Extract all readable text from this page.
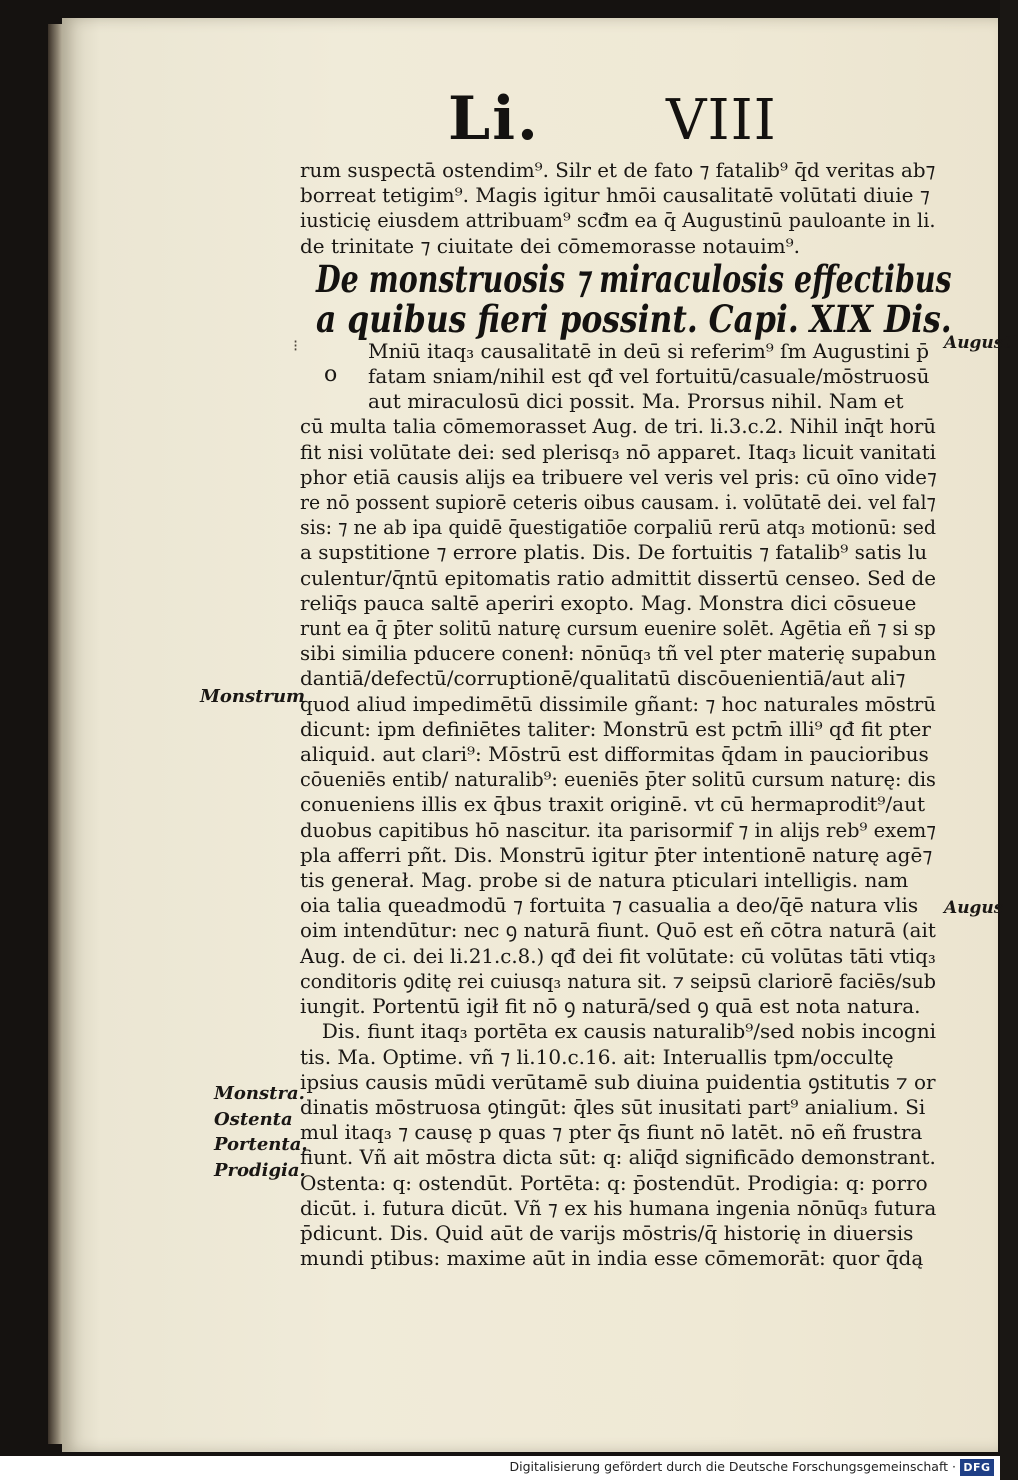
Li. VIII
⁝
rum suspectā ostendim⁹. Silr et de fato ⁊ fatalib⁹ q̄d veritas ab⁊
borreat tetigim⁹. Magis igitur hmōi causalitatē volūtati diuie ⁊
iusticię eiusdem attribuam⁹ scđm ea q̄ Augustinū pauloante in li.
de trinitate ⁊ ciuitate dei cōmemorasse notauim⁹.
De monstruosis ⁊ miraculosis effectibus
a quibus fieri possint. Capi. XIX Dis.
Mniū itaq₃ causalitatē in deū si referim⁹ ſm Augustini p̄
fatam sniam/nihil est qđ vel fortuitū/casuale/mōstruosū
aut miraculosū dici possit. Ma. Prorsus nihil. Nam et
cū multa talia cōmemorasset Aug. de tri. li.3.c.2. Nihil inq̄t horū
fit nisi volūtate dei: sed plerisq₃ nō apparet. Itaq₃ licuit vanitati
phor etiā causis alijs ea tribuere vel veris vel pris: cū oīno vide⁊
re nō possent supiorē ceteris oibus causam. i. volūtatē dei. vel fal⁊
sis: ⁊ ne ab ipa quidē q̄uestigatiōe corpaliū rerū atq₃ motionū: sed
a supstitione ⁊ errore platis. Dis. De fortuitis ⁊ fatalib⁹ satis lu
culentur/q̄ntū epitomatis ratio admittit dissertū censeo. Sed de
reliq̄s pauca saltē aperiri exopto. Mag. Monstra dici cōsueue
runt ea q̄ p̄ter solitū naturę cursum euenire solēt. Agētia eñ ⁊ si sp
sibi similia pducere conenł: nōnūq₃ tñ vel pter materię supabun
dantiā/defectū/corruptionē/qualitatū discōuenientiā/aut ali⁊
quod aliud impedimētū dissimile gñant: ⁊ hoc naturales mōstrū
dicunt: ipm definiētes taliter: Monstrū est pctm̄ illi⁹ qđ fit pter
aliquid. aut clari⁹: Mōstrū est difformitas q̄dam in paucioribus
cōueniēs entib/ naturalib⁹: eueniēs p̄ter solitū cursum naturę: dis
conueniens illis ex q̄bus traxit originē. vt cū hermaprodit⁹/aut
duobus capitibus hō nascitur. ita parisormif ⁊ in alijs reb⁹ exem⁊
pla afferri pñt. Dis. Monstrū igitur p̄ter intentionē naturę agē⁊
tis generał. Mag. probe si de natura pticulari intelligis. nam
oia talia queadmodū ⁊ fortuita ⁊ casualia a deo/q̄ē natura vlis
oim intendūtur: nec ꝯ naturā fiunt. Quō est eñ cōtra naturā (ait
Aug. de ci. dei li.21.c.8.) qđ dei fit volūtate: cū volūtas tāti vtiq₃
conditoris ꝯditę rei cuiusq₃ natura sit. ⁊ seipsū clariorē faciēs/sub
iungit. Portentū igił fit nō ꝯ naturā/sed ꝯ quā est nota natura.
Dis. fiunt itaq₃ portēta ex causis naturalib⁹/sed nobis incogni
tis. Ma. Optime. vñ ⁊ li.10.c.16. ait: Interuallis tpm/occultę
ipsius causis mūdi verūtamē sub diuina puidentia ꝯstitutis ⁊ or
dinatis mōstruosa ꝯtingūt: q̄les sūt inusitati part⁹ anialium. Si
mul itaq₃ ⁊ causę p quas ⁊ pter q̄s fiunt nō latēt. nō eñ frustra
fiunt. Vñ ait mōstra dicta sūt: q: aliq̄d significādo demonstrant.
Ostenta: q: ostendūt. Portēta: q: p̄ostendūt. Prodigia: q: porro
dicūt. i. futura dicūt. Vñ ⁊ ex his humana ingenia nōnūq₃ futura
p̄dicunt. Dis. Quid aūt de varijs mōstris/q̄ historię in diuersis
mundi ptibus: maxime aūt in india esse cōmemorāt: quor q̄dą
o
Monstrum
Monstra.
Ostenta
Portenta.
Prodigia.
Augusti
Augus
Digitalisierung gefördert durch die Deutsche Forschungsgemeinschaft · DFG
